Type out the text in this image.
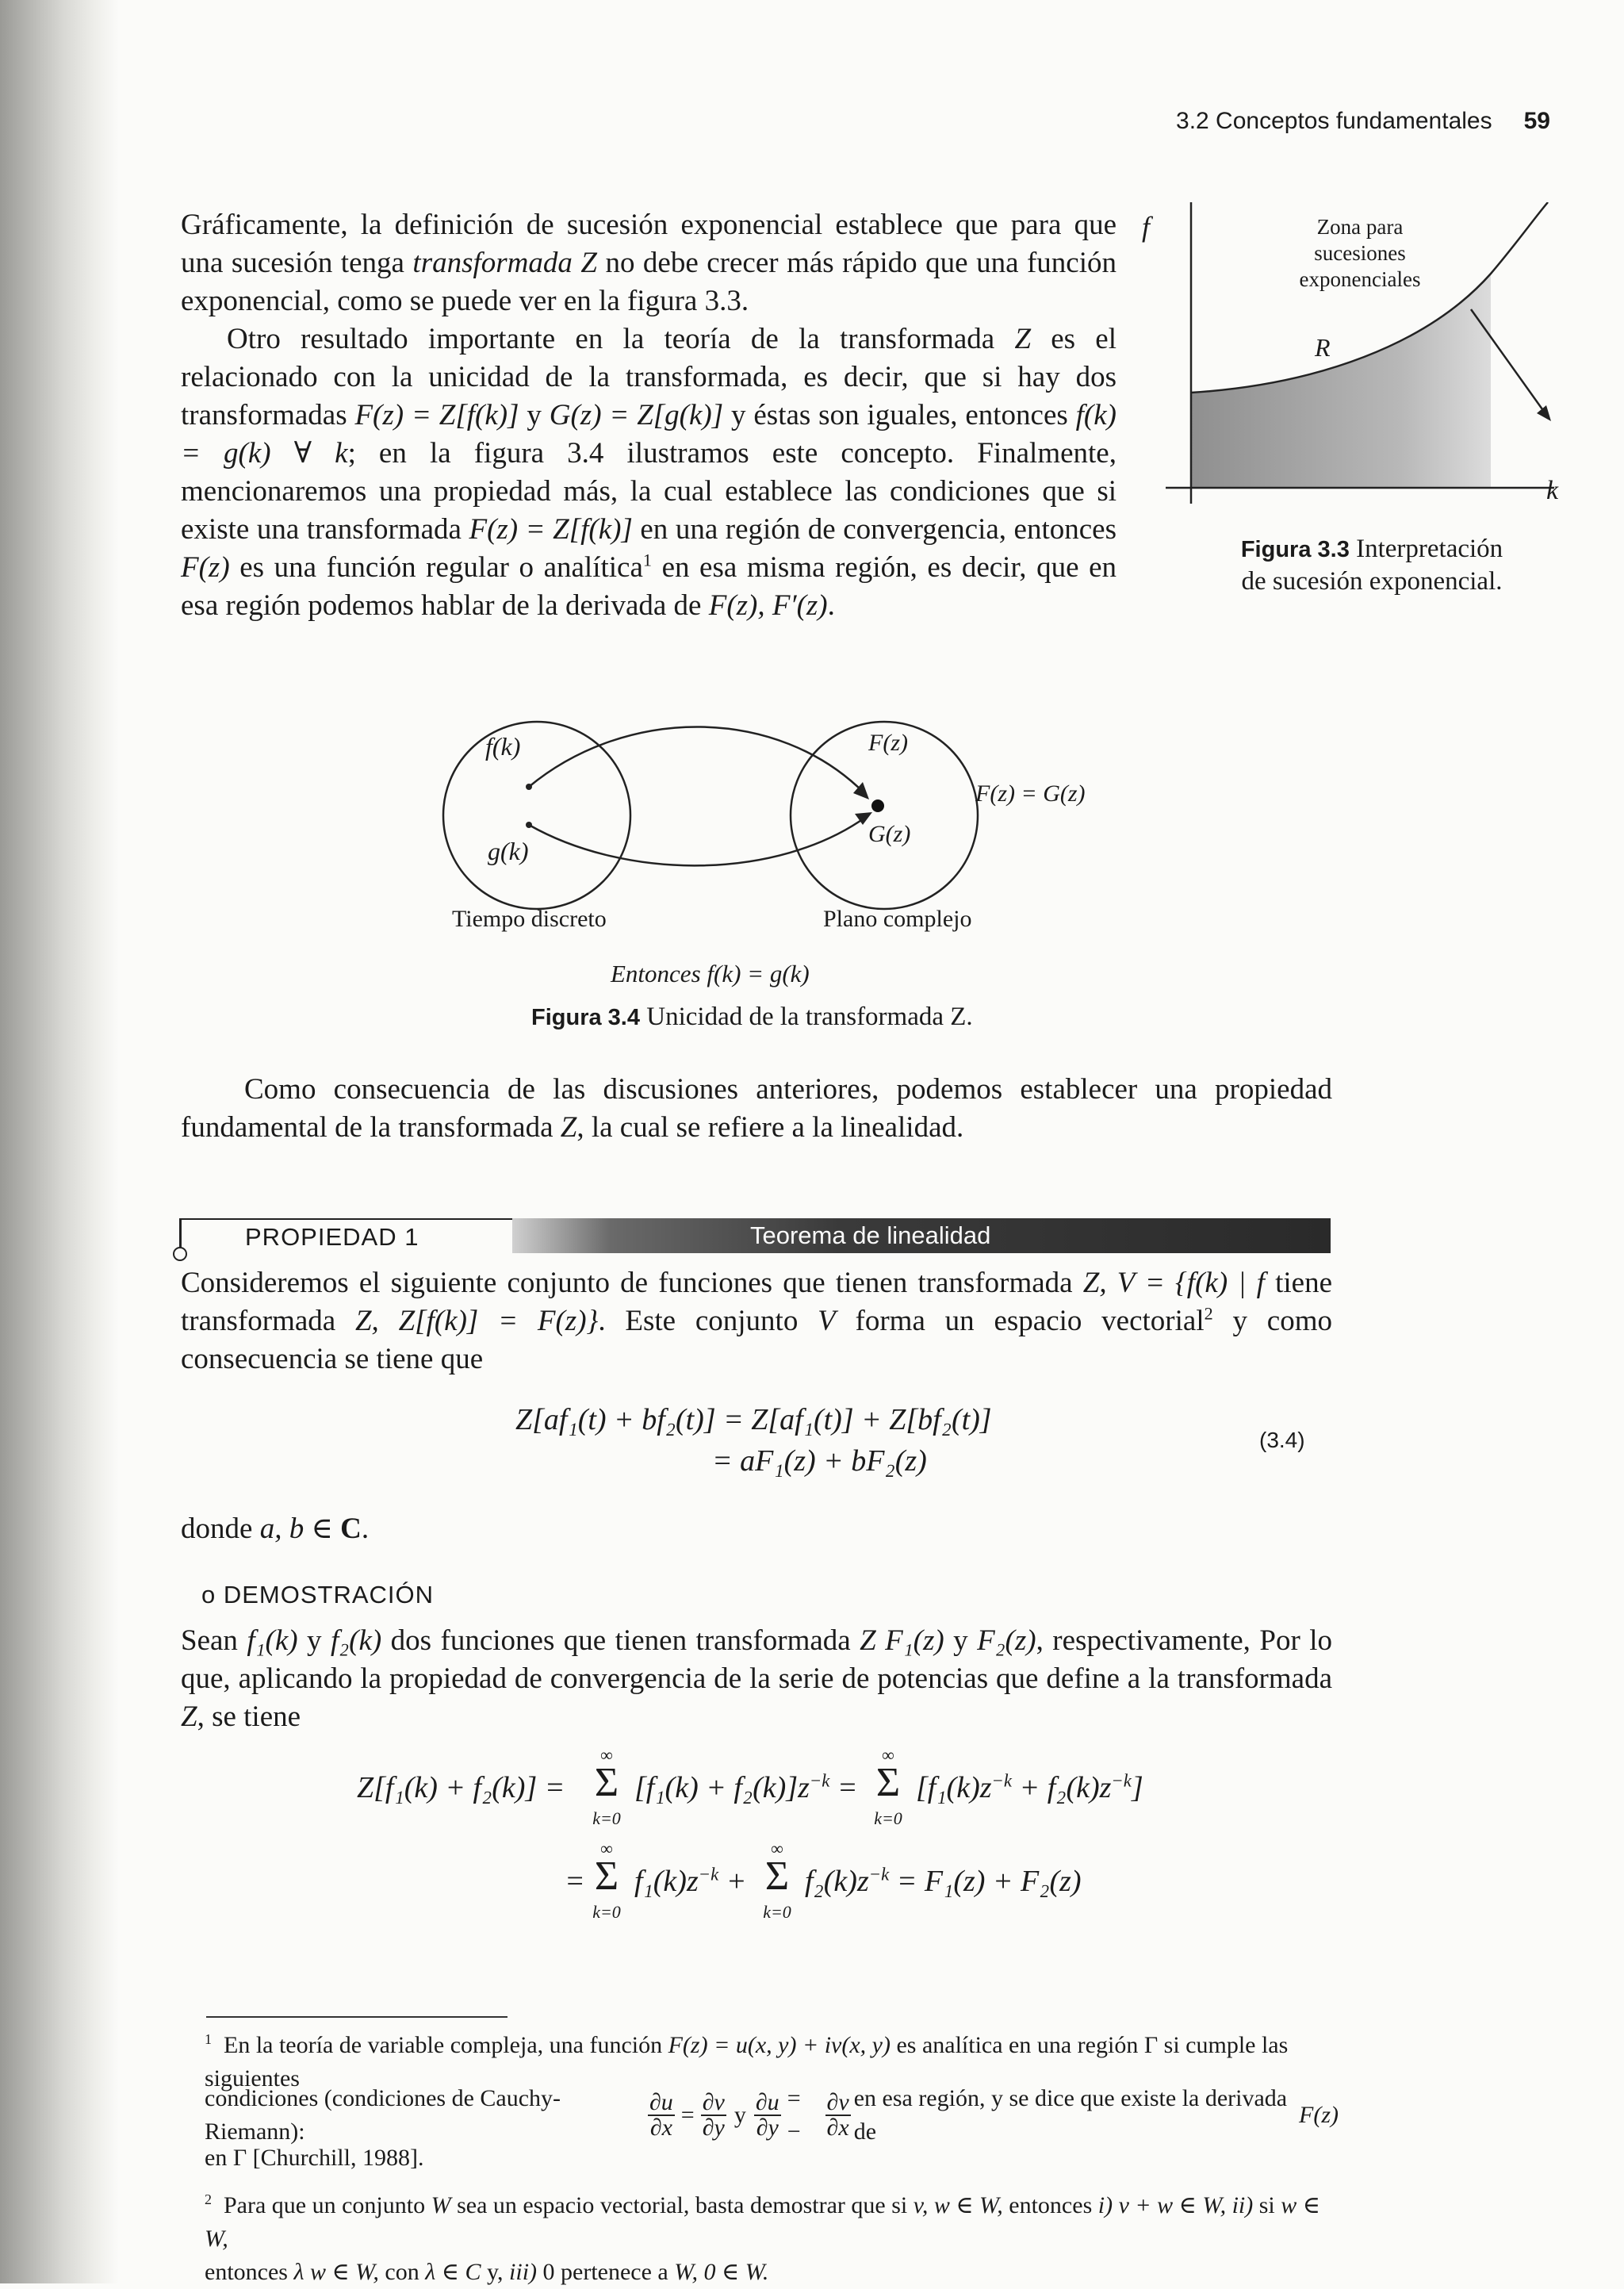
3.2 Conceptos fundamentales 59

Gráficamente, la definición de sucesión exponencial establece que para que una sucesión tenga transformada Z no debe crecer más rápido que una función exponencial, como se puede ver en la figura 3.3.

Otro resultado importante en la teoría de la transformada Z es el relacionado con la unicidad de la transformada, es decir, que si hay dos transformadas F(z) = Z[f(k)] y G(z) = Z[g(k)] y éstas son iguales, entonces f(k) = g(k) ∀ k; en la figura 3.4 ilustramos este concepto. Finalmente, mencionaremos una propiedad más, la cual establece las condiciones que si existe una transformada F(z) = Z[f(k)] en una región de convergencia, entonces F(z) es una función regular o analítica$^1$ en esa misma región, es decir, que en esa región podemos hablar de la derivada de F(z), F′(z).

f
k
Zona para
sucesiones
exponenciales
R
Figura 3.3 Interpretación
de sucesión exponencial.
f(k)
g(k)
F(z)
G(z)
F(z) = G(z)
Tiempo discreto	Plano complejo
Entonces f(k) = g(k)
Figura 3.4 Unicidad de la transformada Z.

Como consecuencia de las discusiones anteriores, podemos establecer una propiedad fundamental de la transformada Z, la cual se refiere a la linealidad.

PROPIEDAD 1	Teorema de linealidad

Consideremos el siguiente conjunto de funciones que tienen transformada Z, V = {f(k) | f tiene transformada Z, Z[f(k)] = F(z)}. Este conjunto V forma un espacio vectorial$^2$ y como consecuencia se tiene que

Z[af₁(t) + bf₂(t)] = Z[af₁(t)] + Z[bf₂(t)]
= aF₁(z) + bF₂(z)
(3.4)
donde a, b ∈ C.
o DEMOSTRACIÓN

Sean f₁(k) y f₂(k) dos funciones que tienen transformada Z F₁(z) y F₂(z), respectivamente, Por lo que, aplicando la propiedad de convergencia de la serie de potencias que define a la transformada Z, se tiene

Z[f₁(k) + f₂(k)] =
∞
Σ
k=0
$[f_1(k) + f_2(k)]z^{-k}$ =
∞
Σ
k=0
$[f_1(k)z^{-k} + f_2(k)z^{-k}]$
=
∞
Σ
k=0
$f_1(k)z^{-k}$ +
∞
Σ
k=0
$f_2(k)z^{-k} = F_1(z) + F_2(z)$
$^1$ En la teoría de variable compleja, una función F(z) = u(x, y) + iv(x, y) es analítica en una región Γ si cumple las siguientes
condiciones (condiciones de Cauchy-Riemann):	$\frac{\partial u}{\partial x} = \frac{\partial v}{\partial y}$ y $\frac{\partial u}{\partial y}$ = −	$\frac{\partial v}{\partial x}$ en esa región, y se dice que existe la derivada de
F(z)
en Γ [Churchill, 1988].
$^2$ Para que un conjunto W sea un espacio vectorial, basta demostrar que si v, w ∈ W, entonces i) v + w ∈ W, ii) si w ∈ W,
entonces λ w ∈ W, con λ ∈ C y, iii) 0 pertenece a W, 0 ∈ W.
